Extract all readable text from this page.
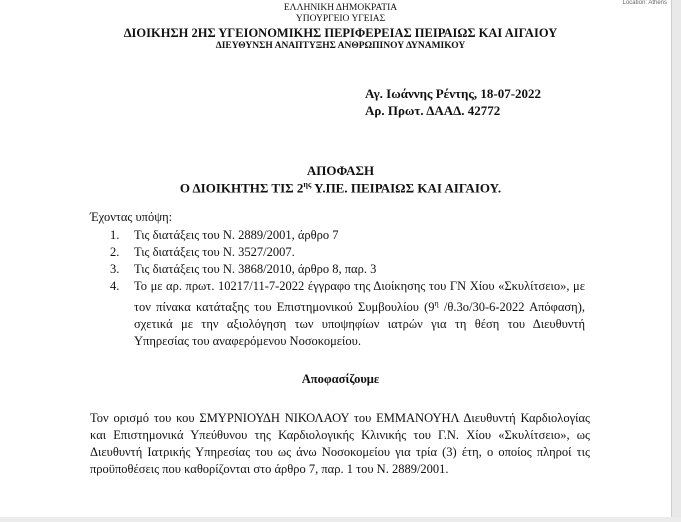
Location: Athens
ΕΛΛΗΝΙΚΗ ΔΗΜΟΚΡΑΤΙΑ
ΥΠΟΥΡΓΕΙΟ ΥΓΕΙΑΣ
ΔΙΟΙΚΗΣΗ 2ΗΣ ΥΓΕΙΟΝΟΜΙΚΗΣ ΠΕΡΙΦΕΡΕΙΑΣ ΠΕΙΡΑΙΩΣ ΚΑΙ ΑΙΓΑΙΟΥ
ΔΙΕΥΘΥΝΣΗ ΑΝΑΠΤΥΞΗΣ ΑΝΘΡΩΠΙΝΟΥ ΔΥΝΑΜΙΚΟΥ
Αγ. Ιωάννης Ρέντης, 18-07-2022
Αρ. Πρωτ. ΔΑΑΔ. 42772
ΑΠΟΦΑΣΗ
Ο ΔΙΟΙΚΗΤΗΣ ΤΙΣ $2^{\eta\varsigma}$ Υ.ΠΕ. ΠΕΙΡΑΙΩΣ ΚΑΙ ΑΙΓΑΙΟΥ.
Έχοντας υπόψη:
1. Τις διατάξεις του Ν. 2889/2001, άρθρο 7
2. Τις διατάξεις του Ν. 3527/2007.
3. Τις διατάξεις του Ν. 3868/2010, άρθρο 8, παρ. 3
4. Το με αρ. πρωτ. 10217/11-7-2022 έγγραφο της Διοίκησης του ΓΝ Χίου «Σκυλίτσειο», με τον πίνακα κατάταξης του Επιστημονικού Συμβουλίου ($9^\eta$ /θ.3ο/30-6-2022 Απόφαση), σχετικά με την αξιολόγηση των υποψηφίων ιατρών για τη θέση του Διευθυντή Υπηρεσίας του αναφερόμενου Νοσοκομείου.
Αποφασίζουμε
Τον ορισμό του κου ΣΜΥΡΝΙΟΥΔΗ ΝΙΚΟΛΑΟΥ του ΕΜΜΑΝΟΥΗΛ Διευθυντή Καρδιολογίας και Επιστημονικά Υπεύθυνου της Καρδιολογικής Κλινικής του Γ.Ν. Χίου «Σκυλίτσειο», ως Διευθυντή Ιατρικής Υπηρεσίας του ως άνω Νοσοκομείου για τρία (3) έτη, ο οποίος πληροί τις προϋποθέσεις που καθορίζονται στο άρθρο 7, παρ. 1 του Ν. 2889/2001.
